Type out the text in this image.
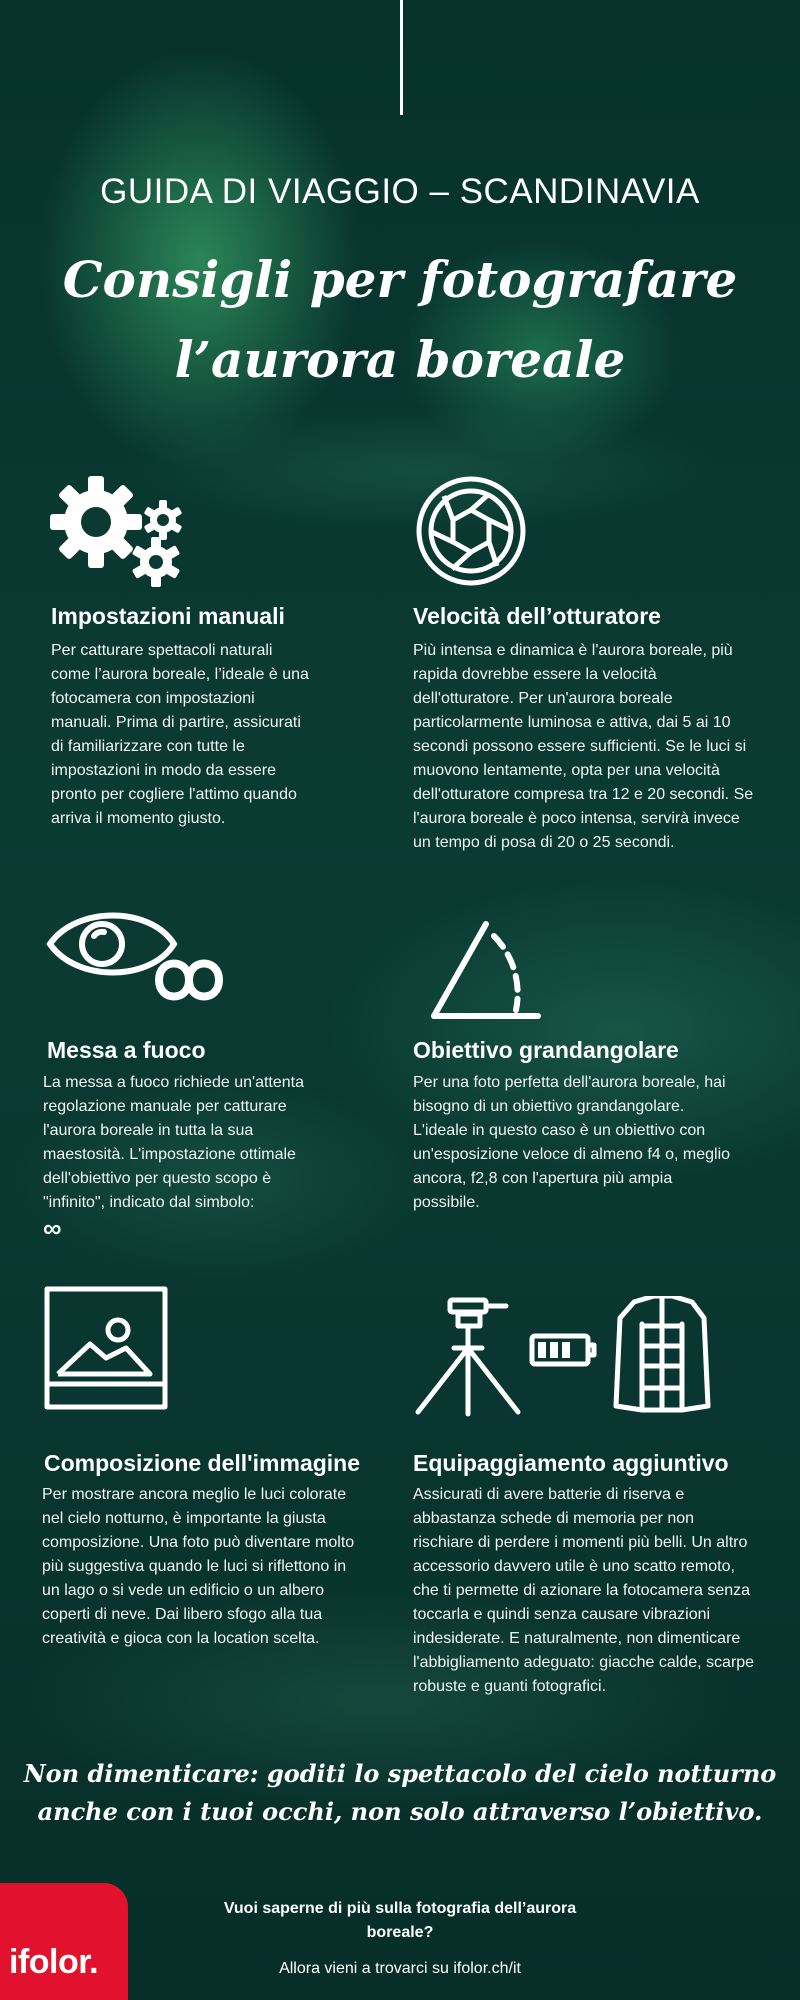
GUIDA DI VIAGGIO – SCANDINAVIA
Consigli per fotografare
l’aurora boreale
Impostazioni manuali

Per catturare spettacoli naturali come l’aurora boreale, l’ideale è una fotocamera con impostazioni manuali. Prima di partire, assicurati di familiarizzare con tutte le impostazioni in modo da essere pronto per cogliere l'attimo quando arriva il momento giusto.

Velocità dell’otturatore

Più intensa e dinamica è l'aurora boreale, più rapida dovrebbe essere la velocità dell'otturatore. Per un'aurora boreale particolarmente luminosa e attiva, dai 5 ai 10 secondi possono essere sufficienti. Se le luci si muovono lentamente, opta per una velocità dell'otturatore compresa tra 12 e 20 secondi. Se l'aurora boreale è poco intensa, servirà invece un tempo di posa di 20 o 25 secondi.

Messa a fuoco

La messa a fuoco richiede un'attenta regolazione manuale per catturare l'aurora boreale in tutta la sua maestosità. L'impostazione ottimale dell'obiettivo per questo scopo è "infinito", indicato dal simbolo:
∞

Obiettivo grandangolare

Per una foto perfetta dell'aurora boreale, hai bisogno di un obiettivo grandangolare. L'ideale in questo caso è un obiettivo con un'esposizione veloce di almeno f4 o, meglio ancora, f2,8 con l'apertura più ampia possibile.

Composizione dell'immagine

Per mostrare ancora meglio le luci colorate nel cielo notturno, è importante la giusta composizione. Una foto può diventare molto più suggestiva quando le luci si riflettono in un lago o si vede un edificio o un albero coperti di neve. Dai libero sfogo alla tua creatività e gioca con la location scelta.

Equipaggiamento aggiuntivo

Assicurati di avere batterie di riserva e abbastanza schede di memoria per non rischiare di perdere i momenti più belli. Un altro accessorio davvero utile è uno scatto remoto, che ti permette di azionare la fotocamera senza toccarla e quindi senza causare vibrazioni indesiderate. E naturalmente, non dimenticare l'abbigliamento adeguato: giacche calde, scarpe robuste e guanti fotografici.

Non dimenticare: goditi lo spettacolo del cielo notturno
anche con i tuoi occhi, non solo attraverso l’obiettivo.

ifolor.

Vuoi saperne di più sulla fotografia dell’aurora boreale?

Allora vieni a trovarci su ifolor.ch/it
